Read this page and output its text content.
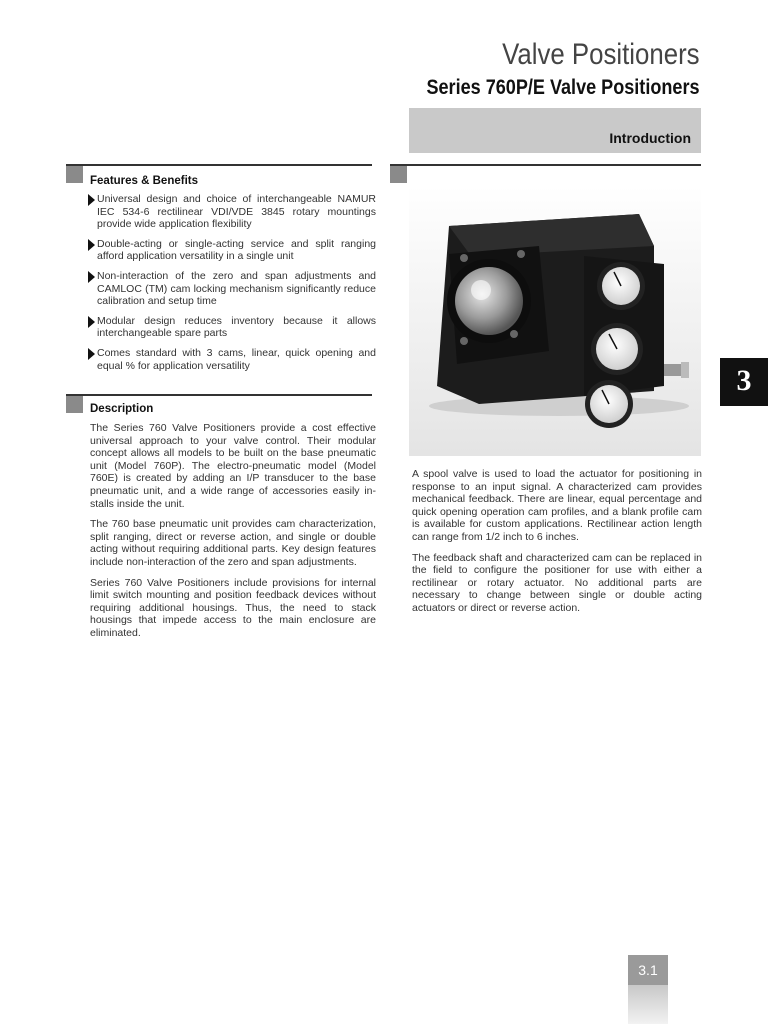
Valve Positioners
Series 760P/E Valve Positioners
Introduction
Features & Benefits
Universal design and choice of interchangeable NAMUR IEC 534-6 rectilinear VDI/VDE 3845 rotary mountings provide wide application flexibility
Double-acting or single-acting service and split ranging afford application versatility in a single unit
Non-interaction of the zero and span adjustments and CAMLOC (TM) cam locking mechanism significantly reduce calibration and setup time
Modular design reduces inventory because it allows interchangeable spare parts
Comes standard with 3 cams, linear, quick opening and equal % for application versatility
Description

The Series 760 Valve Positioners provide a cost effective universal approach to your valve control. Their modular concept allows all models to be built on the base pneumatic unit (Model 760P). The electro-pneumatic model (Model 760E) is created by adding an I/P transducer to the base pneumatic unit, and a wide range of accessories easily in-stalls inside the unit.

The 760 base pneumatic unit provides cam characterization, split ranging, direct or reverse action, and single or double acting without requiring additional parts. Key design features include non-interaction of the zero and span adjustments.

Series 760 Valve Positioners include provisions for internal limit switch mounting and position feedback devices without requiring additional housings. Thus, the need to stack housings that impede access to the main enclosure are eliminated.

A spool valve is used to load the actuator for positioning in response to an input signal. A characterized cam provides mechanical feedback. There are linear, equal percentage and quick opening operation cam profiles, and a blank profile cam is available for custom applications. Rectilinear action length can range from 1/2 inch to 6 inches.

The feedback shaft and characterized cam can be replaced in the field to configure the positioner for use with either a rectilinear or rotary actuator. No additional parts are necessary to change between single or double acting actuators or direct or reverse action.

3
3.1
